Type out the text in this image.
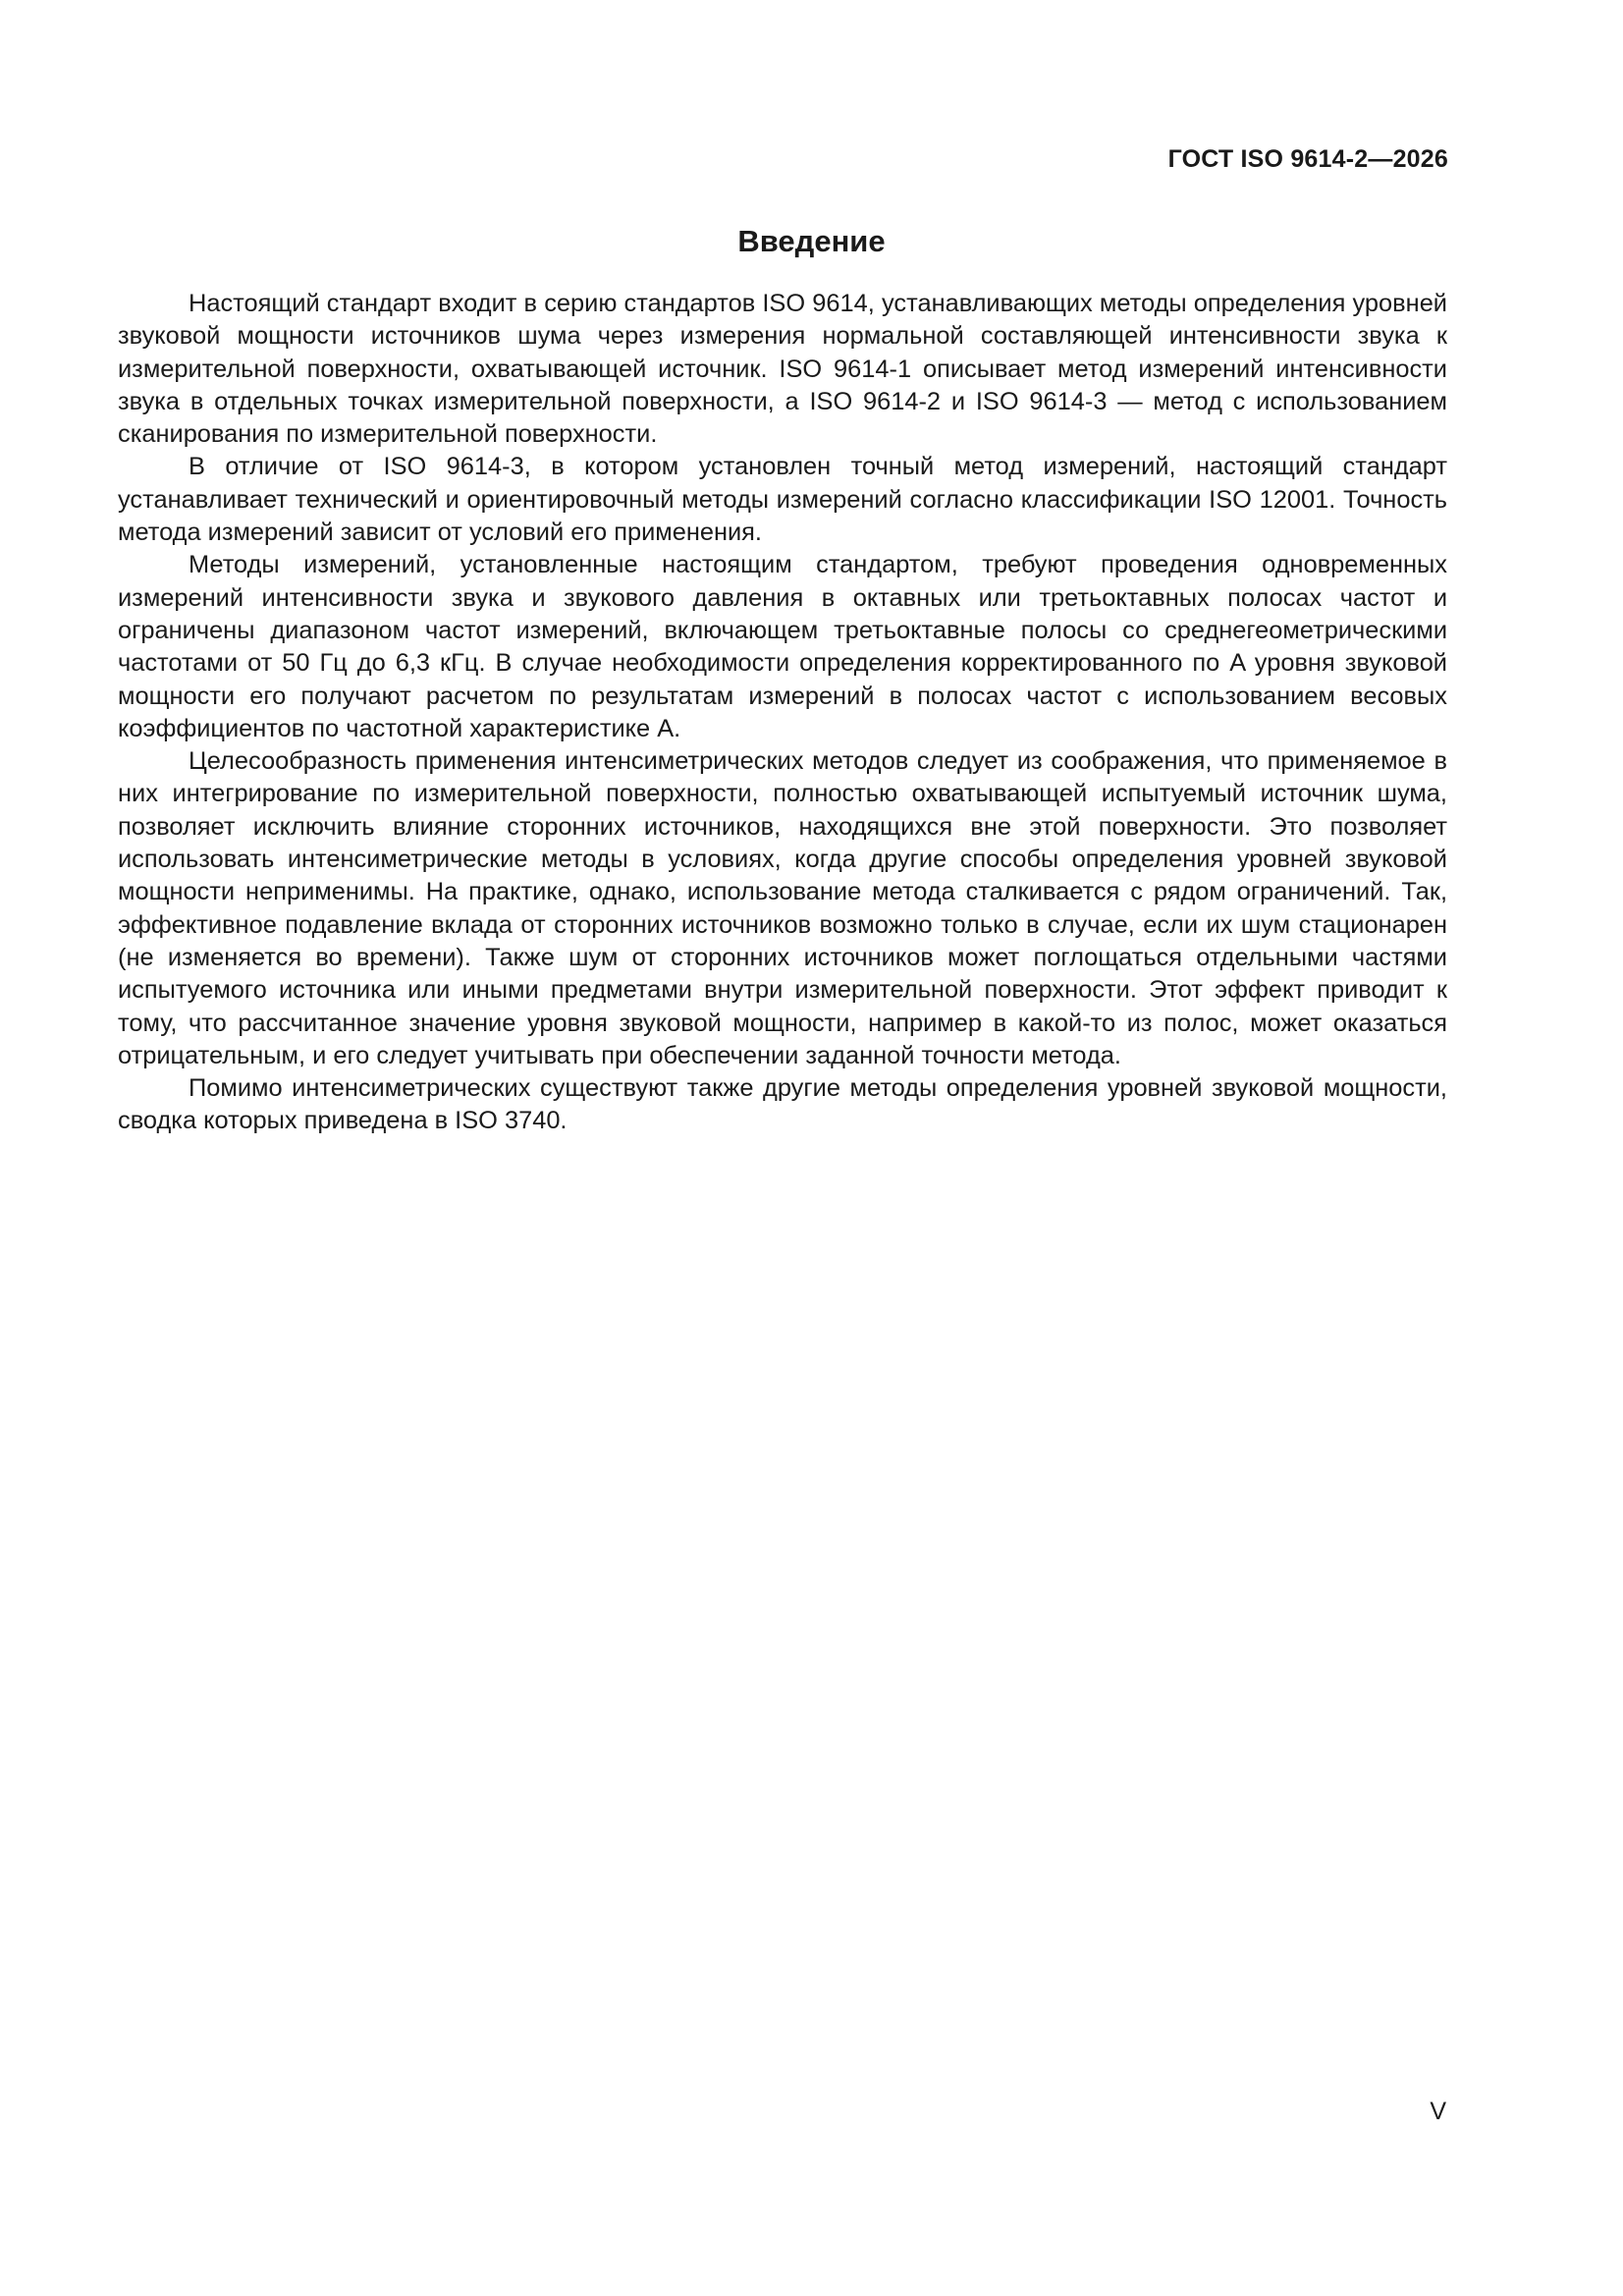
ГОСТ ISO 9614-2—2026
Введение

Настоящий стандарт входит в серию стандартов ISO 9614, устанавливающих методы определения уровней звуковой мощности источников шума через измерения нормальной составляющей интенсивности звука к измерительной поверхности, охватывающей источник. ISO 9614-1 описывает метод измерений интенсивности звука в отдельных точках измерительной поверхности, а ISO 9614-2 и ISO 9614-3 — метод с использованием сканирования по измерительной поверхности.

В отличие от ISO 9614-3, в котором установлен точный метод измерений, настоящий стандарт устанавливает технический и ориентировочный методы измерений согласно классификации ISO 12001. Точность метода измерений зависит от условий его применения.

Методы измерений, установленные настоящим стандартом, требуют проведения одновременных измерений интенсивности звука и звукового давления в октавных или третьоктавных полосах частот и ограничены диапазоном частот измерений, включающем третьоктавные полосы со среднегеометрическими частотами от 50 Гц до 6,3 кГц. В случае необходимости определения корректированного по A уровня звуковой мощности его получают расчетом по результатам измерений в полосах частот с использованием весовых коэффициентов по частотной характеристике A.

Целесообразность применения интенсиметрических методов следует из соображения, что применяемое в них интегрирование по измерительной поверхности, полностью охватывающей испытуемый источник шума, позволяет исключить влияние сторонних источников, находящихся вне этой поверхности. Это позволяет использовать интенсиметрические методы в условиях, когда другие способы определения уровней звуковой мощности неприменимы. На практике, однако, использование метода сталкивается с рядом ограничений. Так, эффективное подавление вклада от сторонних источников возможно только в случае, если их шум стационарен (не изменяется во времени). Также шум от сторонних источников может поглощаться отдельными частями испытуемого источника или иными предметами внутри измерительной поверхности. Этот эффект приводит к тому, что рассчитанное значение уровня звуковой мощности, например в какой-то из полос, может оказаться отрицательным, и его следует учитывать при обеспечении заданной точности метода.

Помимо интенсиметрических существуют также другие методы определения уровней звуковой мощности, сводка которых приведена в ISO 3740.

V
